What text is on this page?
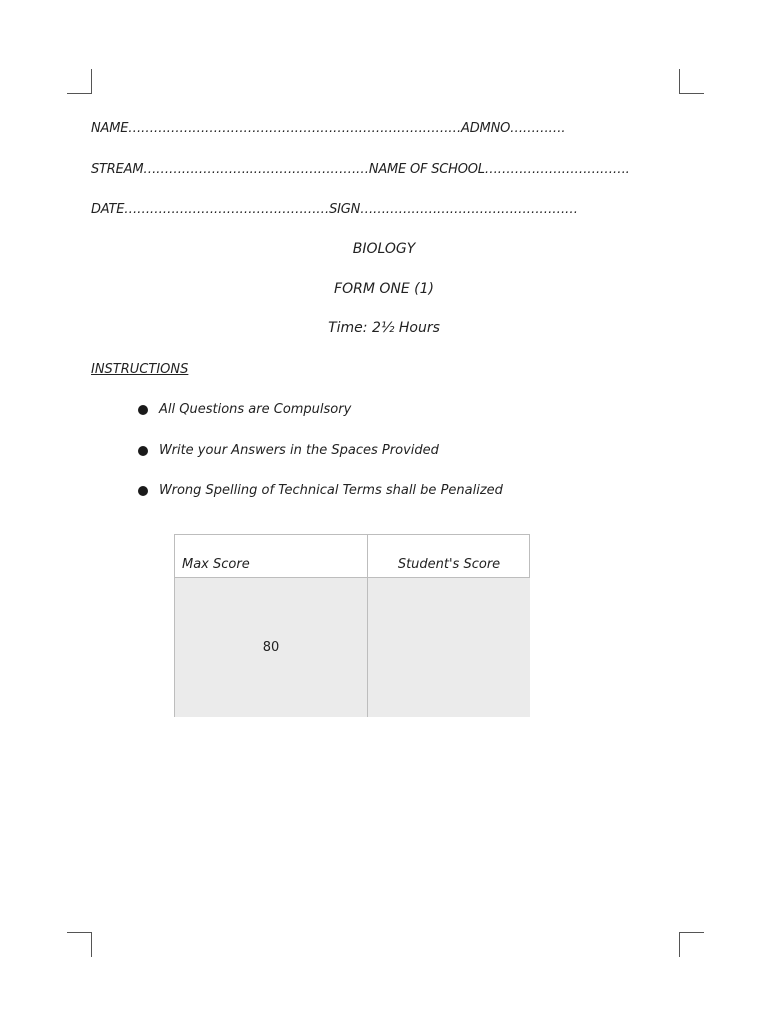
NAME……………………………………………………………………ADMNO………….
STREAM……………………..………………………NAME OF SCHOOL…………………………….
DATE…………………………………………SIGN……………………………………………
BIOLOGY
FORM ONE (1)
Time: 2½ Hours
INSTRUCTIONS
All Questions are Compulsory
Write your Answers in the Spaces Provided
Wrong Spelling of Technical Terms shall be Penalized
Max Score	Student's Score
80
